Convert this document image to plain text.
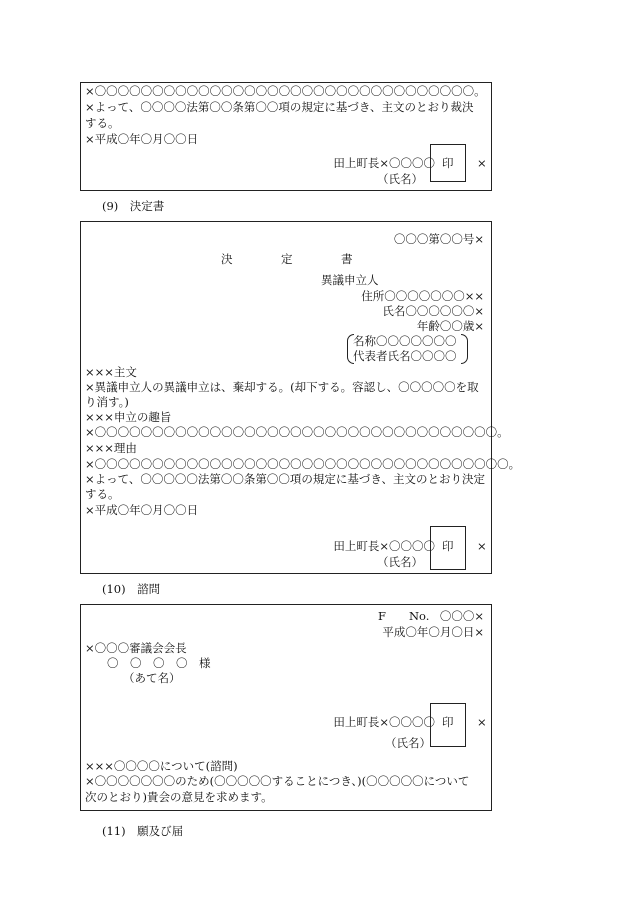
×〇〇〇〇〇〇〇〇〇〇〇〇〇〇〇〇〇〇〇〇〇〇〇〇〇〇〇〇〇〇〇〇〇。
×よって、〇〇〇〇法第〇〇条第〇〇項の規定に基づき、主文のとおり裁決
する。
×平成〇年〇月〇〇日
田上町長×〇〇〇〇 印 ×
（氏名）
(9)　決定書
〇〇〇第〇〇号×
決	定	書
異議申立人
住所〇〇〇〇〇〇〇××
氏名〇〇〇〇〇〇×
年齢〇〇歳×
名称〇〇〇〇〇〇〇
代表者氏名〇〇〇〇
×××主文
×異議申立人の異議申立は、棄却する。(却下する。容認し、〇〇〇〇〇を取
り消す。)
×××申立の趣旨
×〇〇〇〇〇〇〇〇〇〇〇〇〇〇〇〇〇〇〇〇〇〇〇〇〇〇〇〇〇〇〇〇〇〇〇。
×××理由
×〇〇〇〇〇〇〇〇〇〇〇〇〇〇〇〇〇〇〇〇〇〇〇〇〇〇〇〇〇〇〇〇〇〇〇〇。
×よって、〇〇〇〇〇法第〇〇条第〇〇項の規定に基づき、主文のとおり決定
する。
×平成〇年〇月〇〇日
田上町長×〇〇〇〇 印 ×
（氏名）
(10)　諮問
F　　No. 〇〇〇×
平成〇年〇月〇日×
×〇〇〇審議会会長
〇　〇　〇　〇　様
（あて名）
田上町長×〇〇〇〇 印 ×
（氏名）
×××〇〇〇〇について(諮問)
×〇〇〇〇〇〇〇のため(〇〇〇〇〇することにつき、)(〇〇〇〇〇について
次のとおり)貴会の意見を求めます。
(11)　願及び届
